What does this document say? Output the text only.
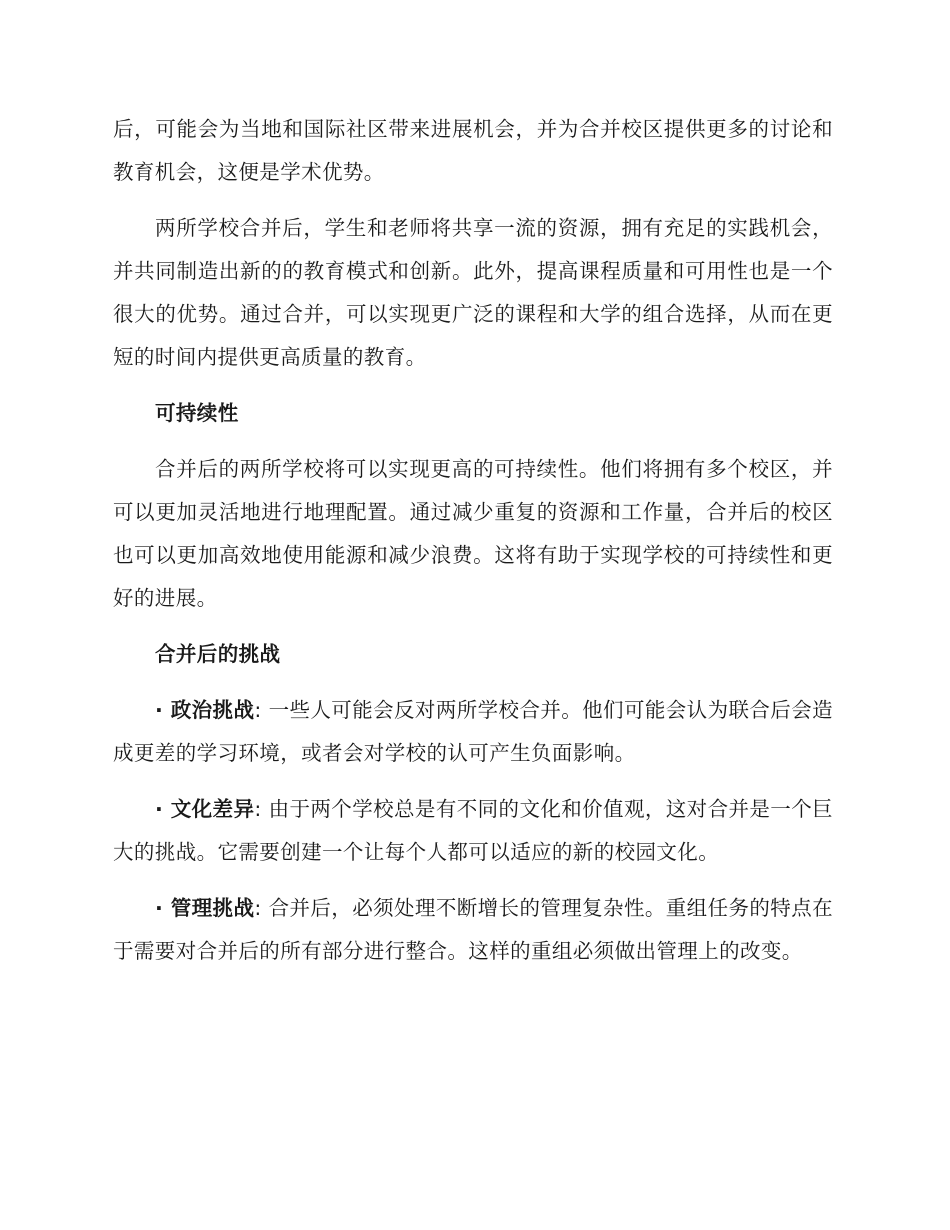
后，可能会为当地和国际社区带来进展机会，并为合并校区提供更多的讨论和教育机会，这便是学术优势。

两所学校合并后，学生和老师将共享一流的资源，拥有充足的实践机会，并共同制造出新的的教育模式和创新。此外，提高课程质量和可用性也是一个很大的优势。通过合并，可以实现更广泛的课程和大学的组合选择，从而在更短的时间内提供更高质量的教育。

可持续性

合并后的两所学校将可以实现更高的可持续性。他们将拥有多个校区，并可以更加灵活地进行地理配置。通过减少重复的资源和工作量，合并后的校区也可以更加高效地使用能源和减少浪费。这将有助于实现学校的可持续性和更好的进展。

合并后的挑战

· 政治挑战: 一些人可能会反对两所学校合并。他们可能会认为联合后会造成更差的学习环境，或者会对学校的认可产生负面影响。

· 文化差异: 由于两个学校总是有不同的文化和价值观，这对合并是一个巨大的挑战。它需要创建一个让每个人都可以适应的新的校园文化。

· 管理挑战: 合并后，必须处理不断增长的管理复杂性。重组任务的特点在于需要对合并后的所有部分进行整合。这样的重组必须做出管理上的改变。
